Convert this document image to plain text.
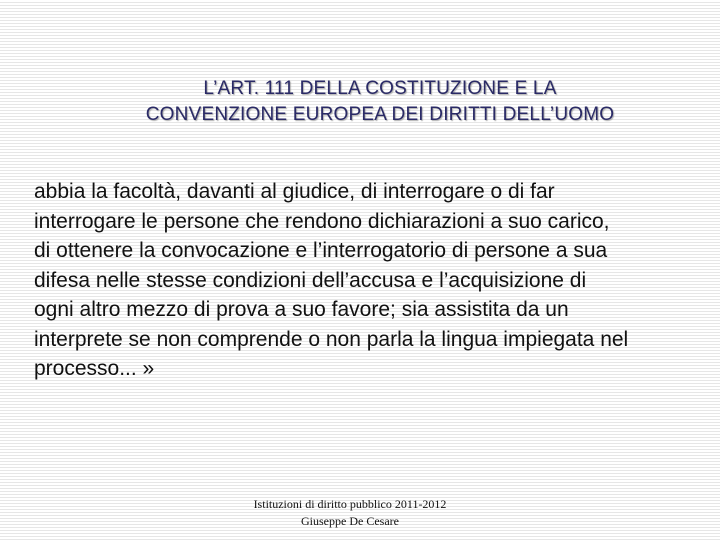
L’ART. 111 DELLA COSTITUZIONE E LA
CONVENZIONE EUROPEA DEI DIRITTI DELL’UOMO
abbia la facoltà, davanti al giudice, di interrogare o di far
interrogare le persone che rendono dichiarazioni a suo carico,
di ottenere la convocazione e l’interrogatorio di persone a sua
difesa nelle stesse condizioni dell’accusa e l’acquisizione di
ogni altro mezzo di prova a suo favore; sia assistita da un
interprete se non comprende o non parla la lingua impiegata nel
processo... »
Istituzioni di diritto pubblico 2011-2012
Giuseppe De Cesare
